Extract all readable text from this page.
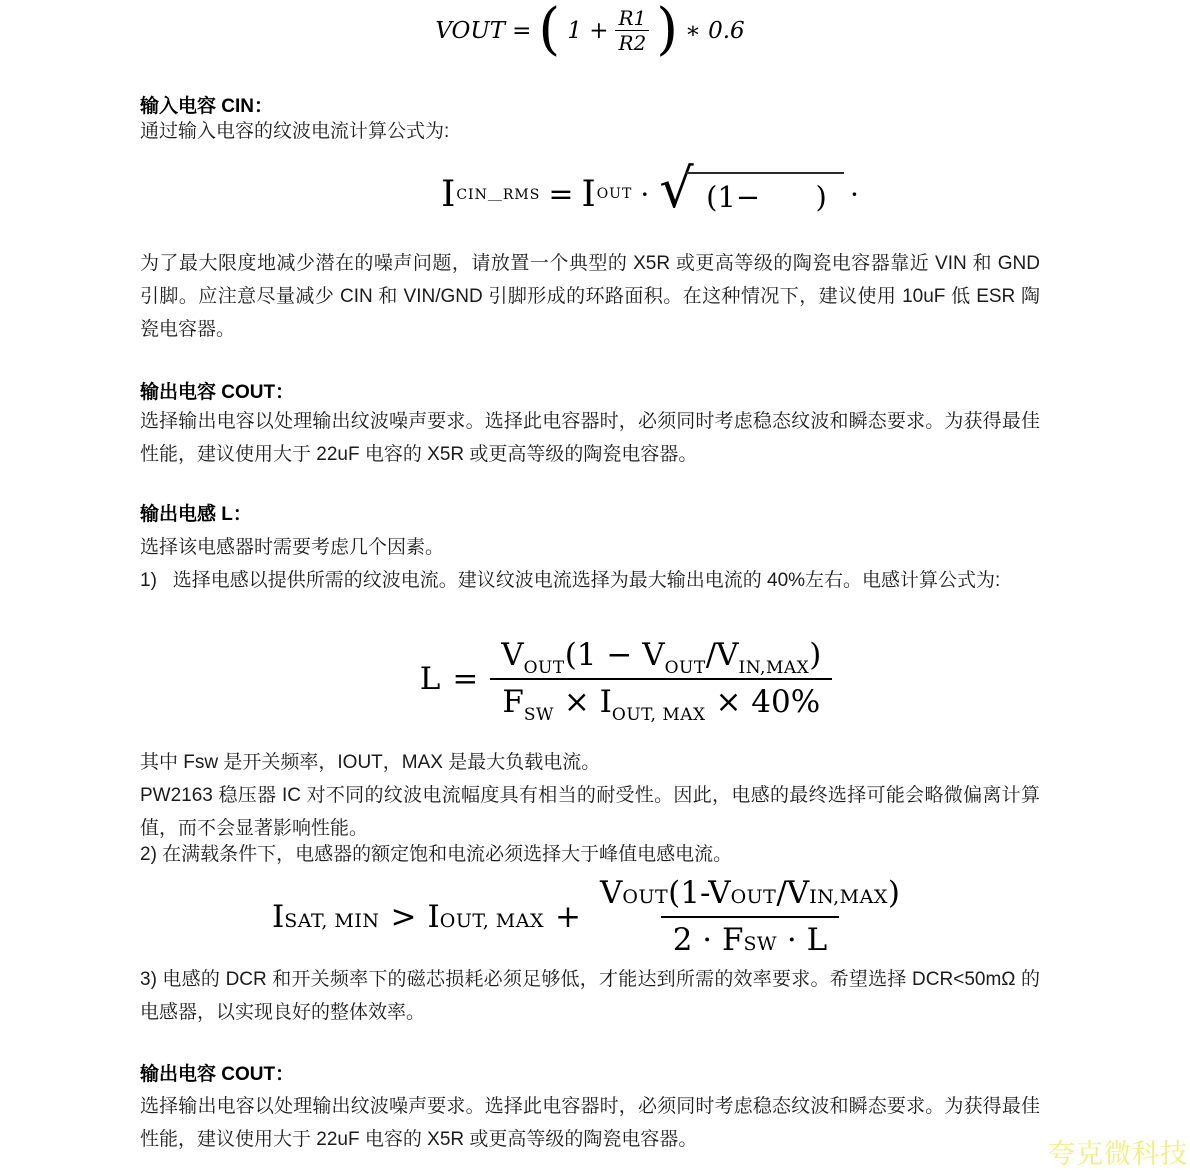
VOUT = ( $1 + \frac{R1}{R2}$ ) ∗ 0.6
输入电容 CIN：
通过输入电容的纹波电流计算公式为:
I CIN＿RMS = I OUT · √
(1−      ) ·
为了最大限度地减少潜在的噪声问题，请放置一个典型的 X5R 或更高等级的陶瓷电容器靠近 VIN 和 GND 引脚。应注意尽量减少 CIN 和 VIN/GND 引脚形成的环路面积。在这种情况下，建议使用 10uF 低 ESR 陶瓷电容器。
输出电容 COUT：
选择输出电容以处理输出纹波噪声要求。选择此电容器时，必须同时考虑稳态纹波和瞬态要求。为获得最佳性能，建议使用大于 22uF 电容的 X5R 或更高等级的陶瓷电容器。
输出电感 L：
选择该电感器时需要考虑几个因素。
1)   选择电感以提供所需的纹波电流。建议纹波电流选择为最大输出电流的 40%左右。电感计算公式为:
L =
$V_{OUT}(1 - V_{OUT}/V_{IN,MAX})$
$F_{SW} \times I_{OUT, MAX} \times 40\%$
其中 Fsw 是开关频率，IOUT，MAX 是最大负载电流。
PW2163 稳压器 IC 对不同的纹波电流幅度具有相当的耐受性。因此，电感的最终选择可能会略微偏离计算值，而不会显著影响性能。
2) 在满载条件下，电感器的额定饱和电流必须选择大于峰值电感电流。
ISAT, MIN > IOUT, MAX +
VOUT(1-VOUT/VIN,MAX)
2 · FSW · L
3) 电感的 DCR 和开关频率下的磁芯损耗必须足够低，才能达到所需的效率要求。希望选择 DCR<50mΩ 的电感器，以实现良好的整体效率。
输出电容 COUT：
选择输出电容以处理输出纹波噪声要求。选择此电容器时，必须同时考虑稳态纹波和瞬态要求。为获得最佳性能，建议使用大于 22uF 电容的 X5R 或更高等级的陶瓷电容器。	夸克微科技
